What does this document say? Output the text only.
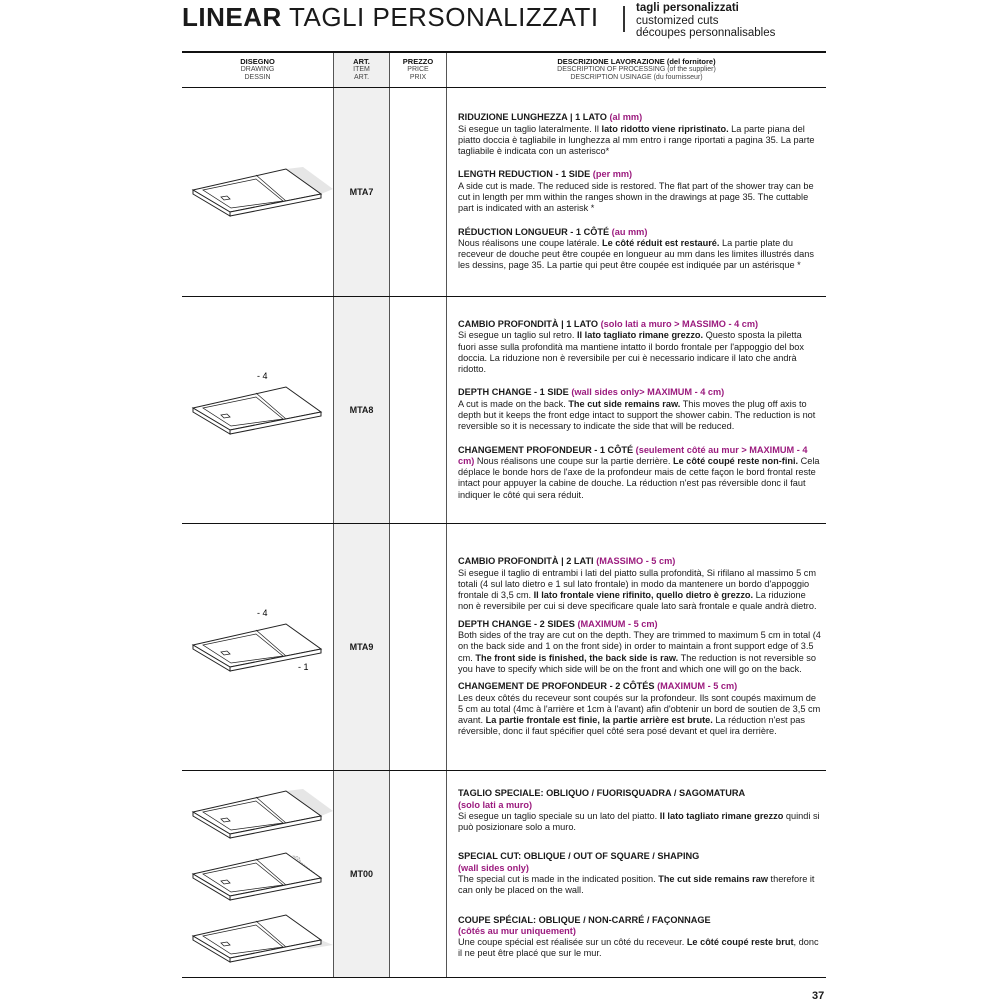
LINEAR TAGLI PERSONALIZZATI	tagli personalizzati
customized cuts
découpes personnalisables
DISEGNO
DRAWING
DESSIN
ART.
ITEM
ART.
PREZZO
PRICE
PRIX
DESCRIZIONE LAVORAZIONE (del fornitore)
DESCRIPTION OF PROCESSING (of the supplier)
DESCRIPTION USINAGE (du fournisseur)
MTA7
RIDUZIONE LUNGHEZZA | 1 LATO (al mm)
Si esegue un taglio lateralmente. Il lato ridotto viene ripristinato. La parte piana del piatto doccia è tagliabile in lunghezza al mm entro i range riportati a pagina 35. La parte tagliabile è indicata con un asterisco*
LENGTH REDUCTION - 1 SIDE (per mm)
A side cut is made. The reduced side is restored. The flat part of the shower tray can be cut in length per mm within the ranges shown in the drawings at page 35. The cuttable part is indicated with an asterisk *
RÉDUCTION LONGUEUR - 1 CÔTÉ (au mm)
Nous réalisons une coupe latérale. Le côté réduit est restauré. La partie plate du receveur de douche peut être coupée en longueur au mm dans les limites illustrés dans les dessins, page 35. La partie qui peut être coupée est indiquée par un astérisque *
- 4
MTA8
CAMBIO PROFONDITÀ | 1 LATO (solo lati a muro > MASSIMO - 4 cm)
Si esegue un taglio sul retro. Il lato tagliato rimane grezzo. Questo sposta la piletta fuori asse sulla profondità ma mantiene intatto il bordo frontale per l'appoggio del box doccia. La riduzione non è reversibile per cui è necessario indicare il lato che andrà ridotto.
DEPTH CHANGE - 1 SIDE (wall sides only> MAXIMUM - 4 cm)
A cut is made on the back. The cut side remains raw. This moves the plug off axis to depth but it keeps the front edge intact to support the shower cabin. The reduction is not reversible so it is necessary to indicate the side that will be reduced.
CHANGEMENT PROFONDEUR - 1 CÔTÉ (seulement côté au mur > MAXIMUM - 4 cm) Nous réalisons une coupe sur la partie derrière. Le côté coupé reste non-fini. Cela déplace le bonde hors de l'axe de la profondeur mais de cette façon le bord frontal reste intact pour appuyer la cabine de douche. La réduction n'est pas réversible donc il faut indiquer le côté qui sera réduit.
- 4
- 1
MTA9
CAMBIO PROFONDITÀ | 2 LATI (MASSIMO - 5 cm)
Si esegue il taglio di entrambi i lati del piatto sulla profondità, Si rifilano al massimo 5 cm totali (4 sul lato dietro e 1 sul lato frontale) in modo da mantenere un bordo d'appoggio frontale di 3,5 cm. Il lato frontale viene rifinito, quello dietro è grezzo. La riduzione non è reversibile per cui si deve specificare quale lato sarà frontale e quale andrà dietro.
DEPTH CHANGE - 2 SIDES (MAXIMUM - 5 cm)
Both sides of the tray are cut on the depth. They are trimmed to maximum 5 cm in total (4 on the back side and 1 on the front side) in order to maintain a front support edge of 3.5 cm. The front side is finished, the back side is raw. The reduction is not reversible so you have to specify which side will be on the front and which one will go on the back.
CHANGEMENT DE PROFONDEUR - 2 CÔTÉS (MAXIMUM - 5 cm)
Les deux côtés du receveur sont coupés sur la profondeur. Ils sont coupés maximum de 5 cm au total (4mc à l'arrière et 1cm à l'avant) afin d'obtenir un bord de soutien de 3,5 cm avant. La partie frontale est finie, la partie arrière est brute. La réduction n'est pas réversible, donc il faut spécifier quel côté sera posé devant et quel ira derrière.
MT00
TAGLIO SPECIALE: OBLIQUO / FUORISQUADRA / SAGOMATURA
(solo lati a muro)
Si esegue un taglio speciale su un lato del piatto. Il lato tagliato rimane grezzo quindi si può posizionare solo a muro.
SPECIAL CUT: OBLIQUE / OUT OF SQUARE / SHAPING
(wall sides only)
The special cut is made in the indicated position. The cut side remains raw therefore it can only be placed on the wall.
COUPE SPÉCIAL: OBLIQUE / NON-CARRÉ / FAÇONNAGE
(côtés au mur uniquement)
Une coupe spécial est réalisée sur un côté du receveur. Le côté coupé reste brut, donc il ne peut être placé que sur le mur.
37
